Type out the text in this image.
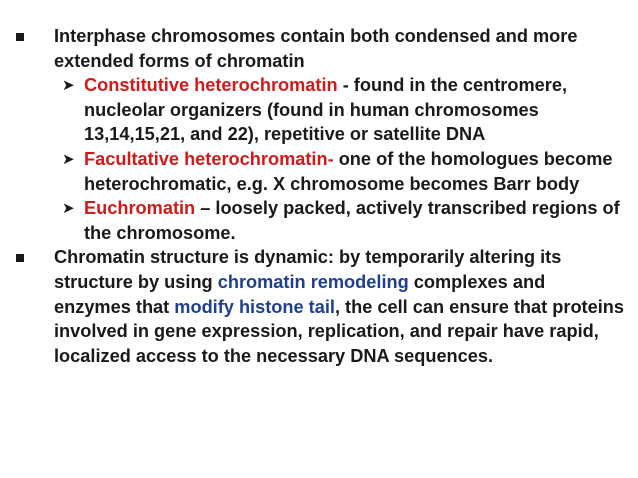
Interphase chromosomes contain both condensed and more extended forms of chromatin
➤ Constitutive heterochromatin - found in the centromere, nucleolar organizers (found in human chromosomes 13,14,15,21, and 22), repetitive or satellite DNA
➤ Facultative heterochromatin- one of the homologues become heterochromatic, e.g. X chromosome becomes Barr body
➤ Euchromatin – loosely packed, actively transcribed regions of the chromosome.
Chromatin structure is dynamic: by temporarily altering its structure by using chromatin remodeling complexes and enzymes that modify histone tail, the cell can ensure that proteins involved in gene expression, replication, and repair have rapid, localized access to the necessary DNA sequences.
